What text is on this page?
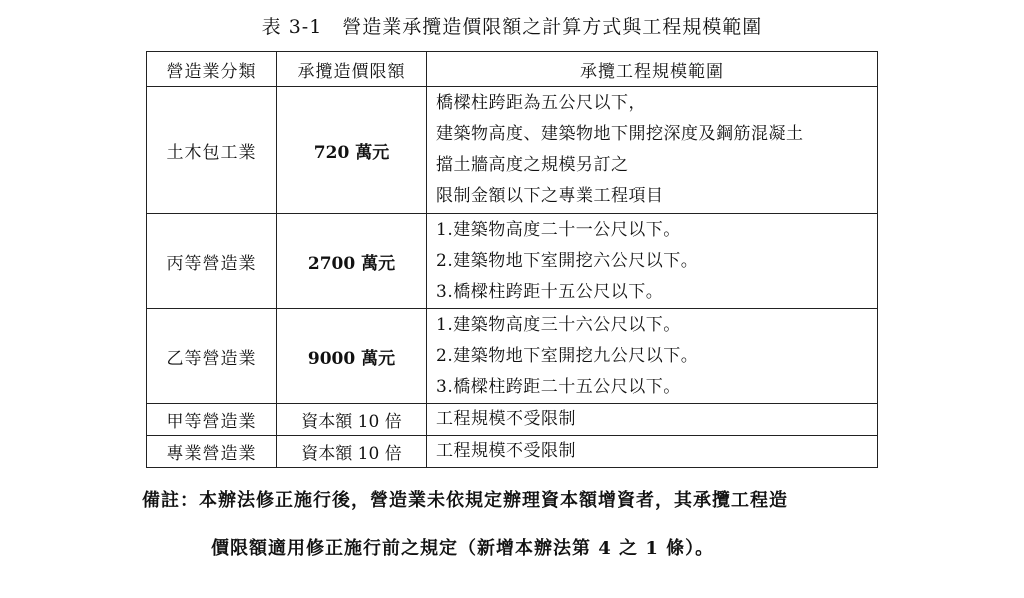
表 3-1　營造業承攬造價限額之計算方式與工程規模範圍
營造業分類	承攬造價限額	承攬工程規模範圍
土木包工業	720 萬元	橋樑柱跨距為五公尺以下，
建築物高度、建築物地下開挖深度及鋼筋混凝土
擋土牆高度之規模另訂之
限制金額以下之專業工程項目

丙等營造業	2700 萬元	1.建築物高度二十一公尺以下。
2.建築物地下室開挖六公尺以下。
3.橋樑柱跨距十五公尺以下。

乙等營造業	9000 萬元	1.建築物高度三十六公尺以下。
2.建築物地下室開挖九公尺以下。
3.橋樑柱跨距二十五公尺以下。

甲等營造業	資本額 10 倍	工程規模不受限制

專業營造業	資本額 10 倍	工程規模不受限制
備註：本辦法修正施行後，營造業未依規定辦理資本額增資者，其承攬工程造
價限額適用修正施行前之規定（新增本辦法第 4 之 1 條）。
